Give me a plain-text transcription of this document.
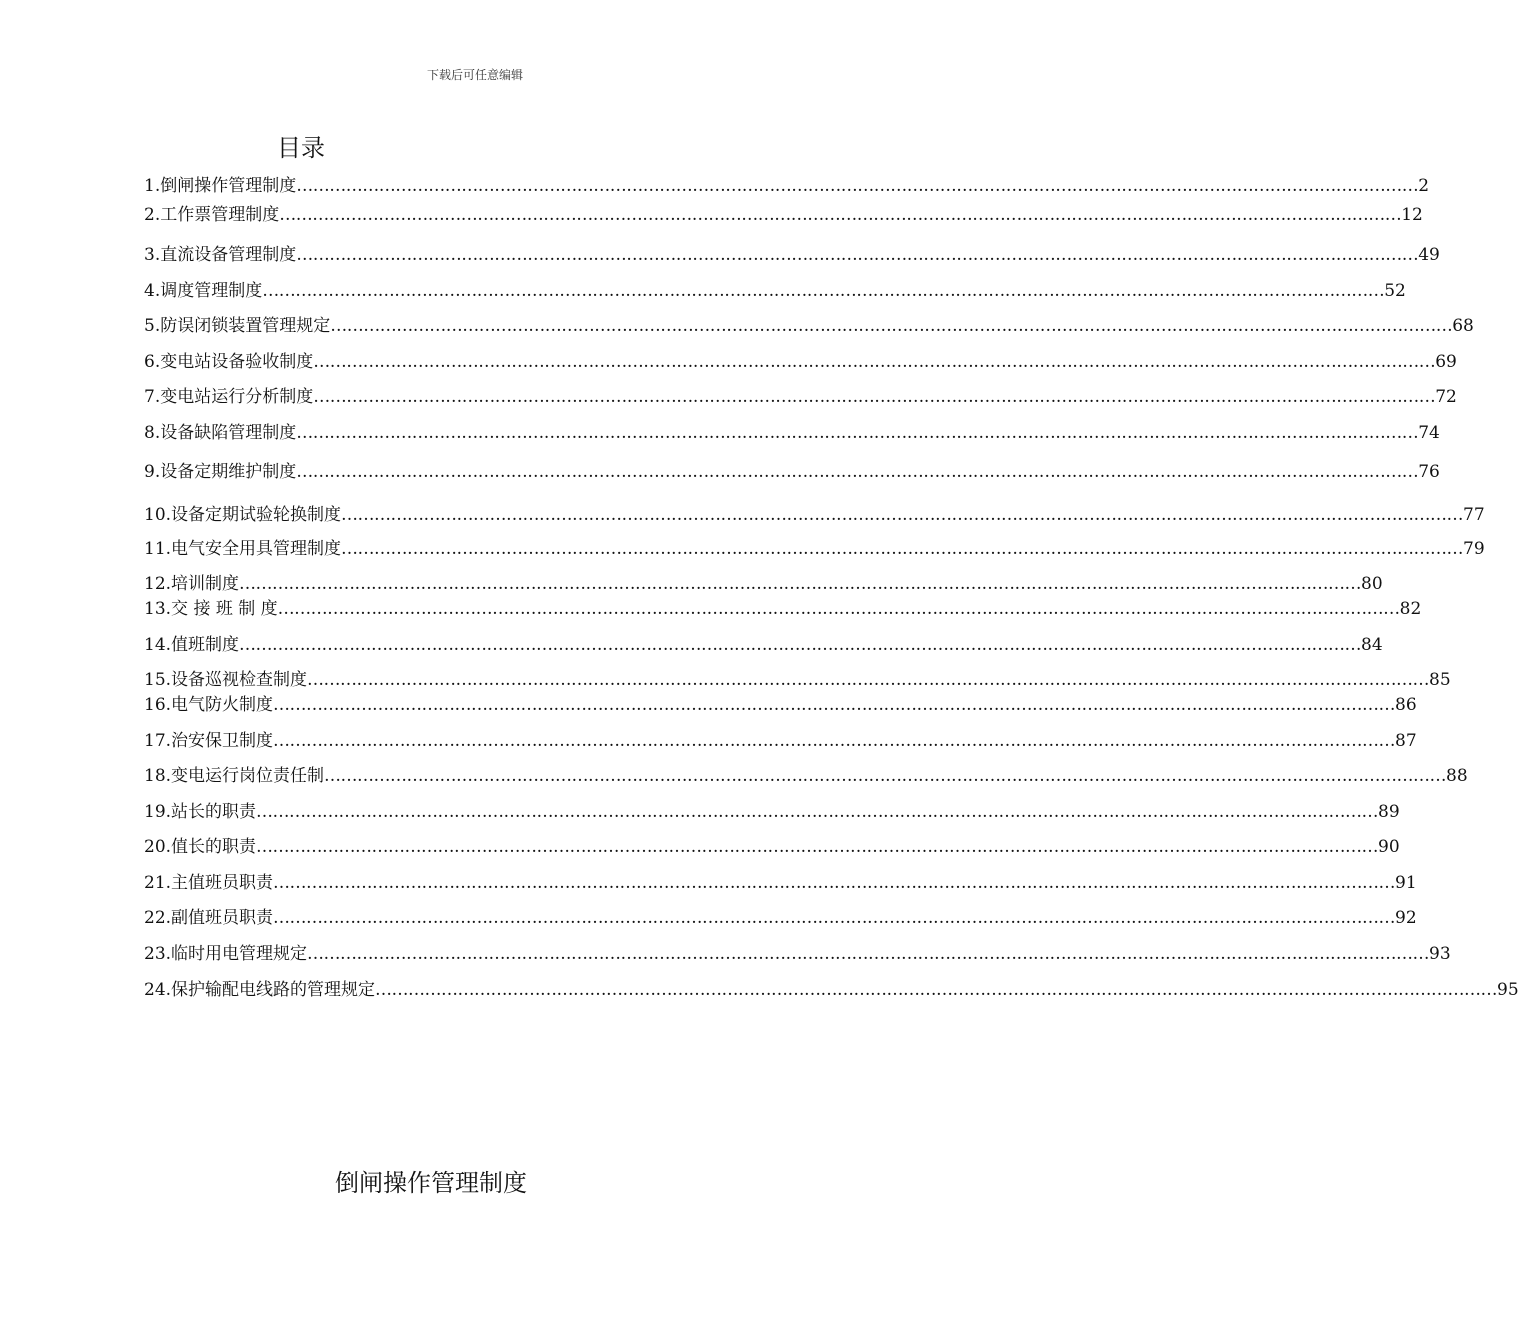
下载后可任意编辑
目录
1. 倒闸操作管理制度 …………………………………………………………………………………………………………………………………………………………………………………… 2
2. 工作票管理制度 …………………………………………………………………………………………………………………………………………………………………………………… 12
3. 直流设备管理制度 …………………………………………………………………………………………………………………………………………………………………………………… 49
4. 调度管理制度 …………………………………………………………………………………………………………………………………………………………………………………… 52
5. 防误闭锁装置管理规定 …………………………………………………………………………………………………………………………………………………………………………………… 68
6. 变电站设备验收制度 …………………………………………………………………………………………………………………………………………………………………………………… 69
7. 变电站运行分析制度 …………………………………………………………………………………………………………………………………………………………………………………… 72
8. 设备缺陷管理制度 …………………………………………………………………………………………………………………………………………………………………………………… 74
9. 设备定期维护制度 …………………………………………………………………………………………………………………………………………………………………………………… 76
10. 设备定期试验轮换制度 …………………………………………………………………………………………………………………………………………………………………………………… 77
11. 电气安全用具管理制度 …………………………………………………………………………………………………………………………………………………………………………………… 79
12. 培训制度 …………………………………………………………………………………………………………………………………………………………………………………… 80
13. 交 接 班 制 度 …………………………………………………………………………………………………………………………………………………………………………………… 82
14. 值班制度 …………………………………………………………………………………………………………………………………………………………………………………… 84
15. 设备巡视检查制度 …………………………………………………………………………………………………………………………………………………………………………………… 85
16. 电气防火制度 …………………………………………………………………………………………………………………………………………………………………………………… 86
17. 治安保卫制度 …………………………………………………………………………………………………………………………………………………………………………………… 87
18. 变电运行岗位责任制 …………………………………………………………………………………………………………………………………………………………………………………… 88
19. 站长的职责 …………………………………………………………………………………………………………………………………………………………………………………… 89
20. 值长的职责 …………………………………………………………………………………………………………………………………………………………………………………… 90
21. 主值班员职责 …………………………………………………………………………………………………………………………………………………………………………………… 91
22. 副值班员职责 …………………………………………………………………………………………………………………………………………………………………………………… 92
23. 临时用电管理规定 …………………………………………………………………………………………………………………………………………………………………………………… 93
24. 保护输配电线路的管理规定 …………………………………………………………………………………………………………………………………………………………………………………… 95
倒闸操作管理制度
